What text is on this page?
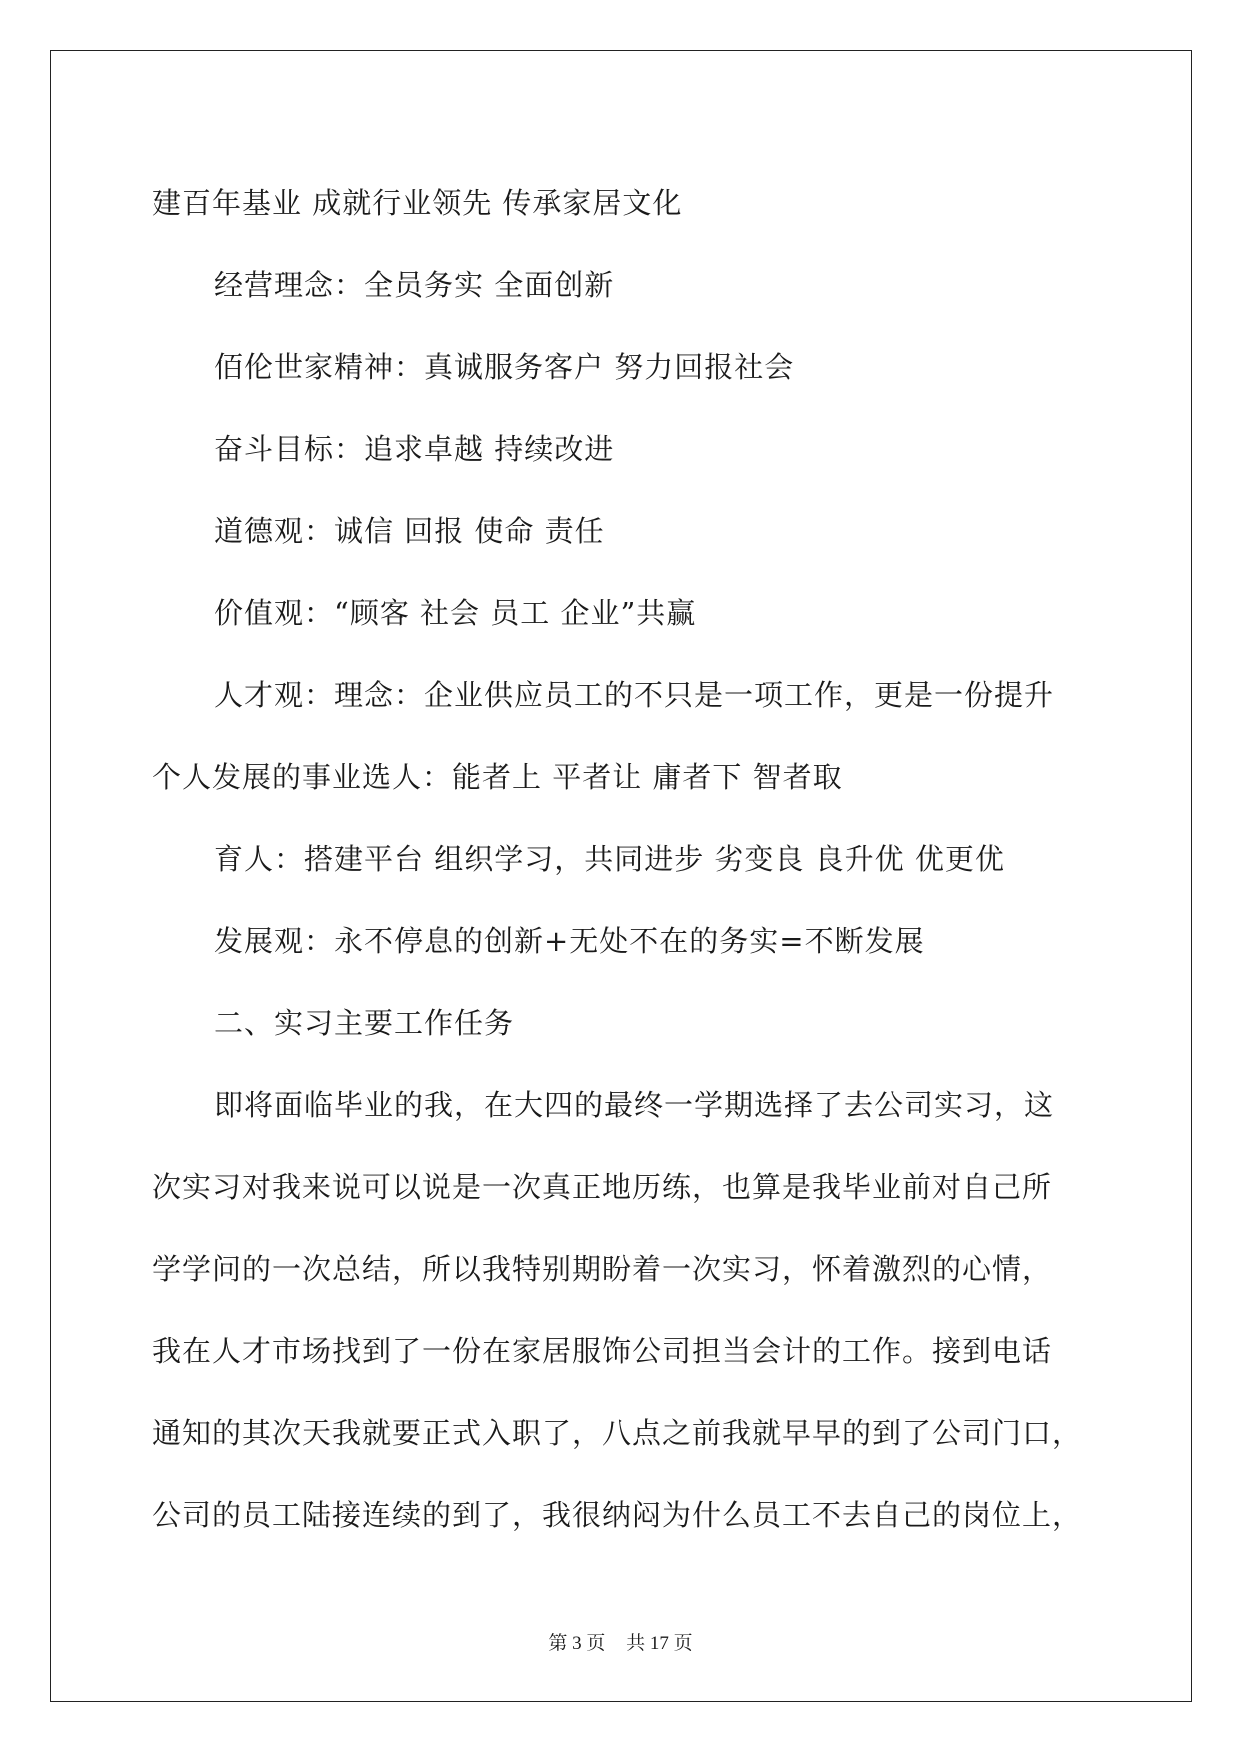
建百年基业 成就行业领先 传承家居文化
经营理念：全员务实 全面创新
佰伦世家精神：真诚服务客户 努力回报社会
奋斗目标：追求卓越 持续改进
道德观：诚信 回报 使命 责任
价值观：“顾客 社会 员工 企业”共赢
人才观：理念：企业供应员工的不只是一项工作，更是一份提升
个人发展的事业选人：能者上 平者让 庸者下 智者取
育人：搭建平台 组织学习，共同进步 劣变良 良升优 优更优
发展观：永不停息的创新+无处不在的务实=不断发展
二、实习主要工作任务
即将面临毕业的我，在大四的最终一学期选择了去公司实习，这
次实习对我来说可以说是一次真正地历练，也算是我毕业前对自己所
学学问的一次总结，所以我特别期盼着一次实习，怀着激烈的心情，
我在人才市场找到了一份在家居服饰公司担当会计的工作。接到电话
通知的其次天我就要正式入职了，八点之前我就早早的到了公司门口，
公司的员工陆接连续的到了，我很纳闷为什么员工不去自己的岗位上，
第 3 页 共 17 页
